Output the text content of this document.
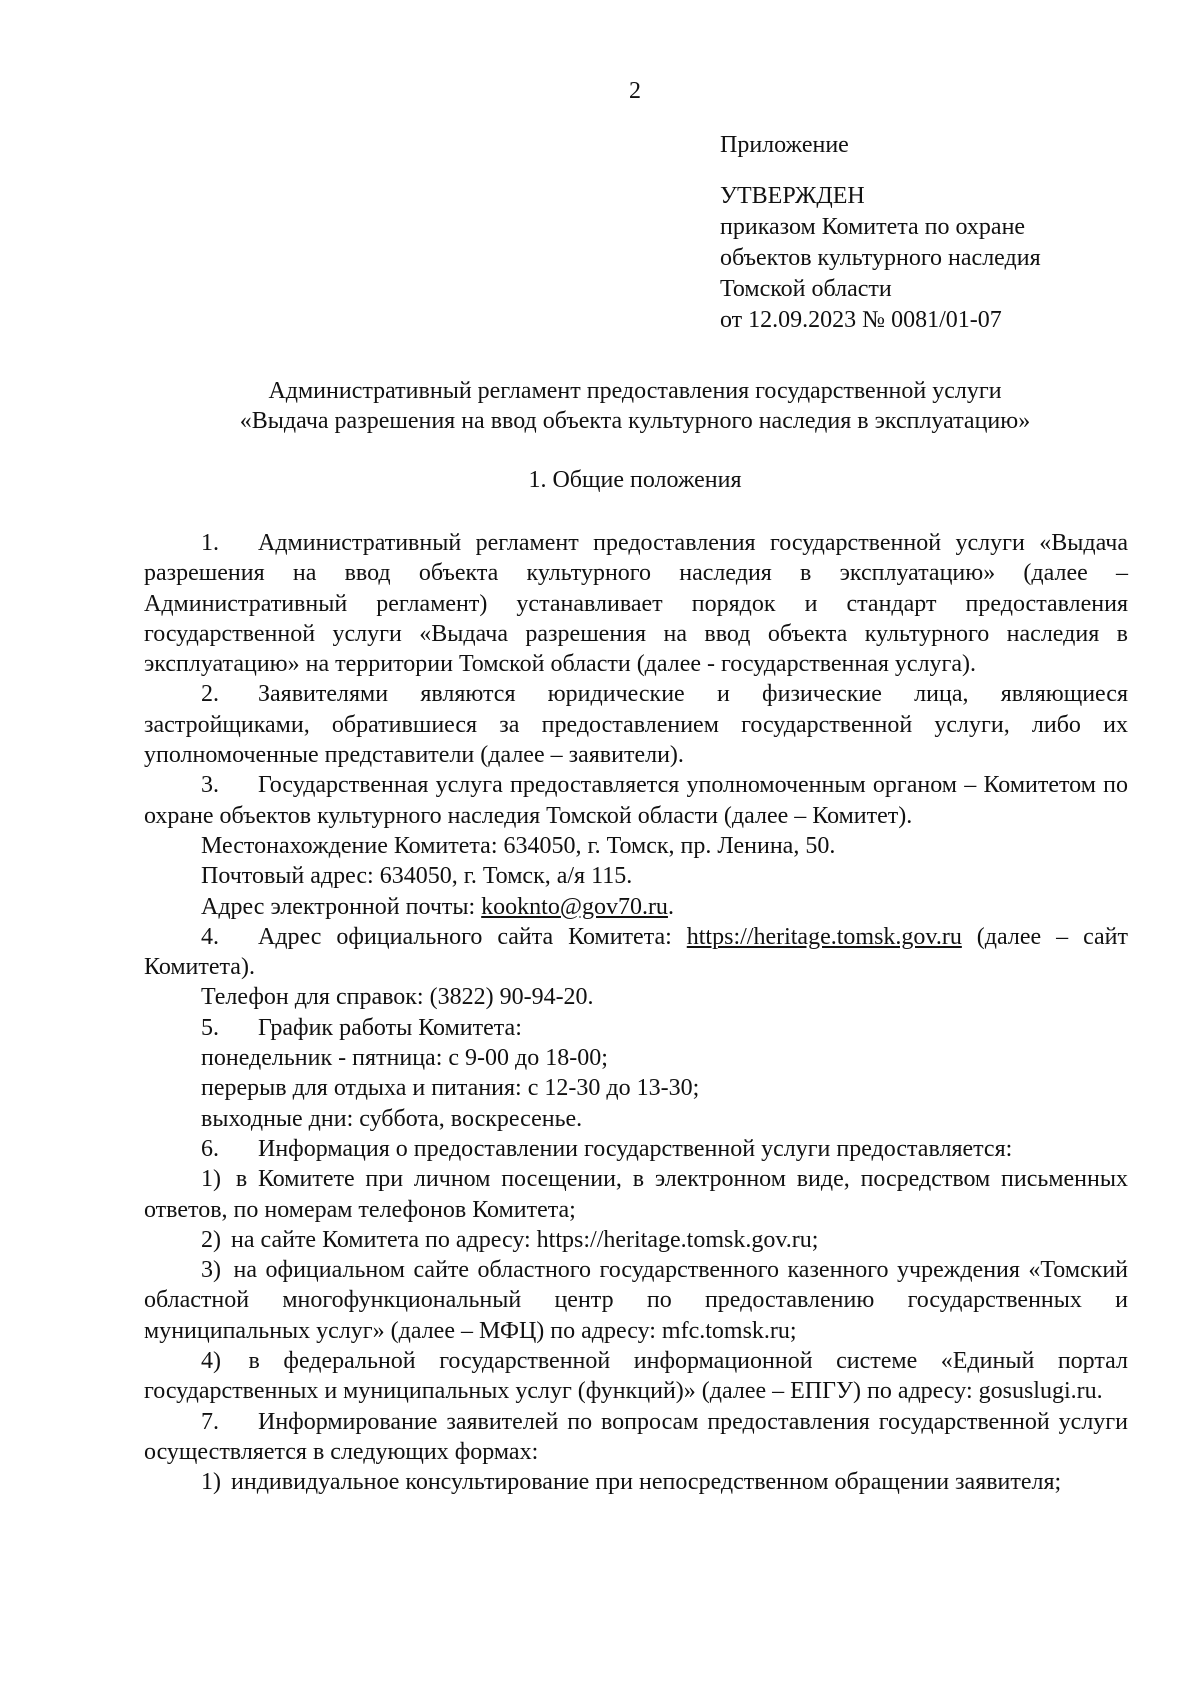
2
Приложение
УТВЕРЖДЕН
приказом Комитета по охране
объектов культурного наследия
Томской области
от 12.09.2023 № 0081/01-07
Административный регламент предоставления государственной услуги
«Выдача разрешения на ввод объекта культурного наследия в эксплуатацию»
1. Общие положения

1. Административный регламент предоставления государственной услуги «Выдача разрешения на ввод объекта культурного наследия в эксплуатацию» (далее – Административный регламент) устанавливает порядок и стандарт предоставления государственной услуги «Выдача разрешения на ввод объекта культурного наследия в эксплуатацию» на территории Томской области (далее - государственная услуга).

2. Заявителями являются юридические и физические лица, являющиеся застройщиками, обратившиеся за предоставлением государственной услуги, либо их уполномоченные представители (далее – заявители).

3. Государственная услуга предоставляется уполномоченным органом – Комитетом по охране объектов культурного наследия Томской области (далее – Комитет).

Местонахождение Комитета: 634050, г. Томск, пр. Ленина, 50.

Почтовый адрес: 634050, г. Томск, а/я 115.

Адрес электронной почты: kooknto@gov70.ru.

4. Адрес официального сайта Комитета: https://heritage.tomsk.gov.ru (далее – сайт Комитета).

Телефон для справок: (3822) 90-94-20.

5. График работы Комитета:

понедельник - пятница: с 9-00 до 18-00;

перерыв для отдыха и питания: с 12-30 до 13-30;

выходные дни: суббота, воскресенье.

6. Информация о предоставлении государственной услуги предоставляется:

1) в Комитете при личном посещении, в электронном виде, посредством письменных ответов, по номерам телефонов Комитета;

2) на сайте Комитета по адресу: https://heritage.tomsk.gov.ru;

3) на официальном сайте областного государственного казенного учреждения «Томский областной многофункциональный центр по предоставлению государственных и муниципальных услуг» (далее – МФЦ) по адресу: mfc.tomsk.ru;

4) в федеральной государственной информационной системе «Единый портал государственных и муниципальных услуг (функций)» (далее – ЕПГУ) по адресу: gosuslugi.ru.

7. Информирование заявителей по вопросам предоставления государственной услуги осуществляется в следующих формах:

1) индивидуальное консультирование при непосредственном обращении заявителя;
